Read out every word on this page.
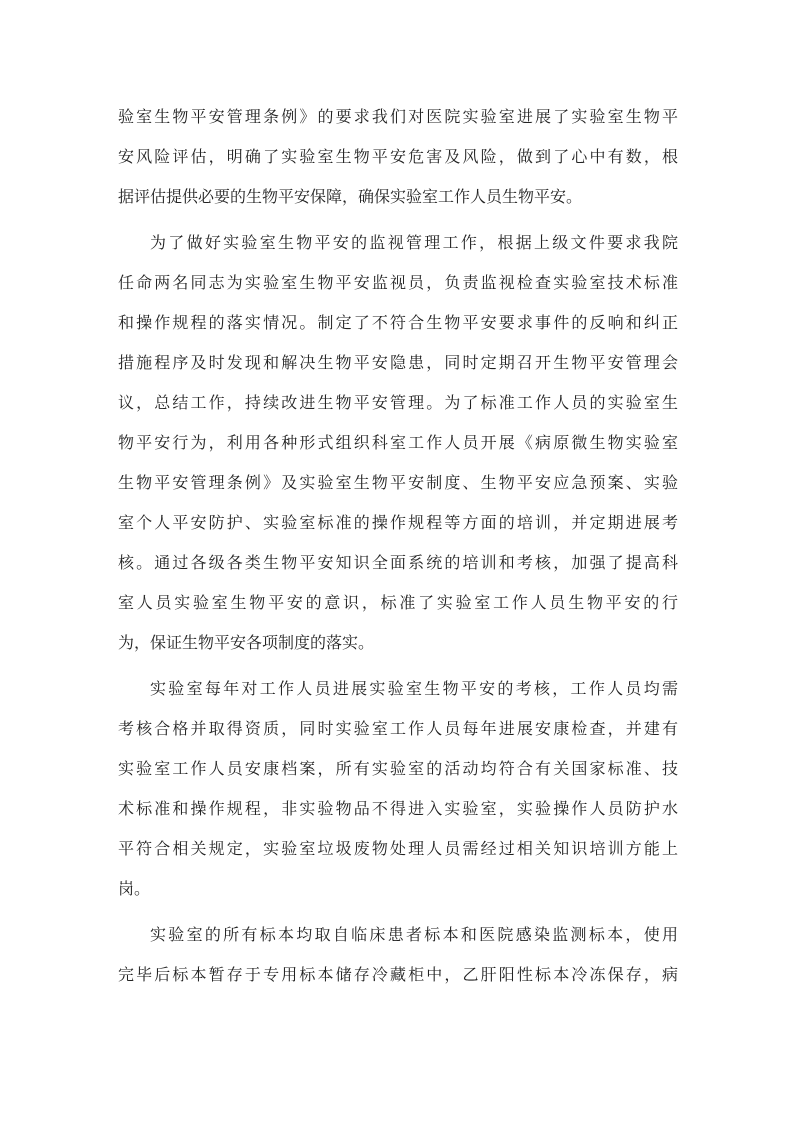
验室生物平安管理条例》的要求我们对医院实验室进展了实验室生物平
安风险评估，明确了实验室生物平安危害及风险，做到了心中有数，根
据评估提供必要的生物平安保障，确保实验室工作人员生物平安。
为了做好实验室生物平安的监视管理工作，根据上级文件要求我院
任命两名同志为实验室生物平安监视员，负责监视检查实验室技术标准
和操作规程的落实情况。制定了不符合生物平安要求事件的反响和纠正
措施程序及时发现和解决生物平安隐患，同时定期召开生物平安管理会
议，总结工作，持续改进生物平安管理。为了标准工作人员的实验室生
物平安行为，利用各种形式组织科室工作人员开展《病原微生物实验室
生物平安管理条例》及实验室生物平安制度、生物平安应急预案、实验
室个人平安防护、实验室标准的操作规程等方面的培训，并定期进展考
核。通过各级各类生物平安知识全面系统的培训和考核，加强了提高科
室人员实验室生物平安的意识，标准了实验室工作人员生物平安的行
为，保证生物平安各项制度的落实。
实验室每年对工作人员进展实验室生物平安的考核，工作人员均需
考核合格并取得资质，同时实验室工作人员每年进展安康检查，并建有
实验室工作人员安康档案，所有实验室的活动均符合有关国家标准、技
术标准和操作规程，非实验物品不得进入实验室，实验操作人员防护水
平符合相关规定，实验室垃圾废物处理人员需经过相关知识培训方能上
岗。
实验室的所有标本均取自临床患者标本和医院感染监测标本，使用
完毕后标本暂存于专用标本储存冷藏柜中，乙肝阳性标本冷冻保存，病
